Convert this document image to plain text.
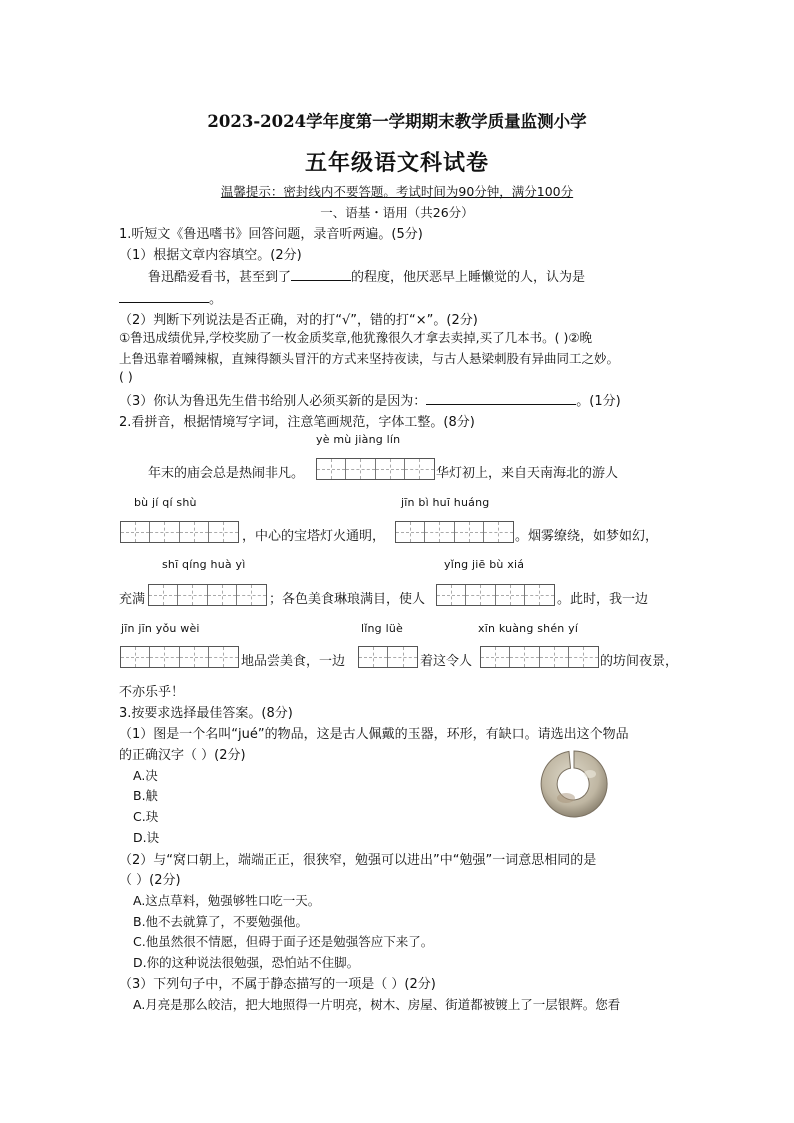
2023-2024学年度第一学期期末教学质量监测小学
五年级语文科试卷
温馨提示：密封线内不要答题。考试时间为90分钟，满分100分
一、语基・语用（共26分）
1.听短文《鲁迅嗜书》回答问题，录音听两遍。(5分)
（1）根据文章内容填空。(2分)
鲁迅酷爱看书，甚至到了	的程度，他厌恶早上睡懒觉的人，认为是
。
（2）判断下列说法是否正确，对的打“√”，错的打“×”。(2分)
①鲁迅成绩优异,学校奖励了一枚金质奖章,他犹豫很久才拿去卖掉,买了几本书。( )②晚
上鲁迅靠着嚼辣椒，直辣得额头冒汗的方式来坚持夜读，与古人悬梁刺股有异曲同工之妙。
( )
（3）你认为鲁迅先生借书给别人必须买新的是因为：	。(1分)
2.看拼音，根据情境写字词，注意笔画规范，字体工整。(8分)
yè mù jiàng lín
年末的庙会总是热闹非凡。	华灯初上，来自天南海北的游人
bù jí qí shù	jīn bì huī huáng
，中心的宝塔灯火通明，	。烟雾缭绕，如梦如幻，
shī qíng huà yì	yǐng jiē bù xiá
充满	；各色美食琳琅满目，使人	。此时，我一边
jīn jīn yǒu wèi	lǐng lüè	xīn kuàng shén yí
地品尝美食，一边	着这令人	的坊间夜景，
不亦乐乎！
3.按要求选择最佳答案。(8分)
（1）图是一个名叫“jué”的物品，这是古人佩戴的玉器，环形，有缺口。请选出这个物品
的正确汉字（ ）(2分)
A.决
B.觖
C.玦
D.诀
（2）与“窝口朝上，端端正正，很狭窄，勉强可以进出”中“勉强”一词意思相同的是
（ ）(2分)
A.这点草料，勉强够牲口吃一天。
B.他不去就算了，不要勉强他。
C.他虽然很不情愿，但碍于面子还是勉强答应下来了。
D.你的这种说法很勉强，恐怕站不住脚。
（3）下列句子中，不属于静态描写的一项是（ ）(2分)
A.月亮是那么皎洁，把大地照得一片明亮，树木、房屋、街道都被镀上了一层银辉。您看
